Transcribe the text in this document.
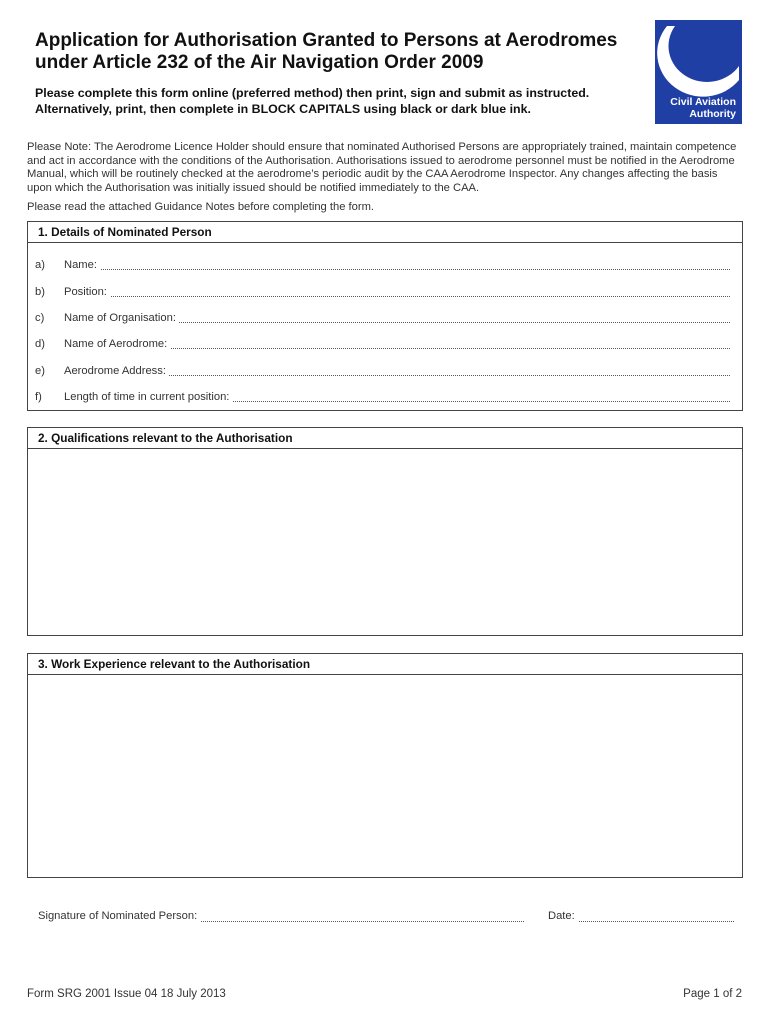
Application for Authorisation Granted to Persons at Aerodromes under Article 232 of the Air Navigation Order 2009
Please complete this form online (preferred method) then print, sign and submit as instructed.
Alternatively, print, then complete in BLOCK CAPITALS using black or dark blue ink.	Civil Aviation
Authority
Please Note: The Aerodrome Licence Holder should ensure that nominated Authorised Persons are appropriately trained, maintain competence and act in accordance with the conditions of the Authorisation. Authorisations issued to aerodrome personnel must be notified in the Aerodrome Manual, which will be routinely checked at the aerodrome’s periodic audit by the CAA Aerodrome Inspector. Any changes affecting the basis upon which the Authorisation was initially issued should be notified immediately to the CAA.
Please read the attached Guidance Notes before completing the form.
1. Details of Nominated Person
a) Name:
b) Position:
c) Name of Organisation:
d) Name of Aerodrome:
e) Aerodrome Address:
f) Length of time in current position:
2. Qualifications relevant to the Authorisation
3. Work Experience relevant to the Authorisation
Signature of Nominated Person:	Date:
Form SRG 2001 Issue 04 18 July 2013	Page 1 of 2
